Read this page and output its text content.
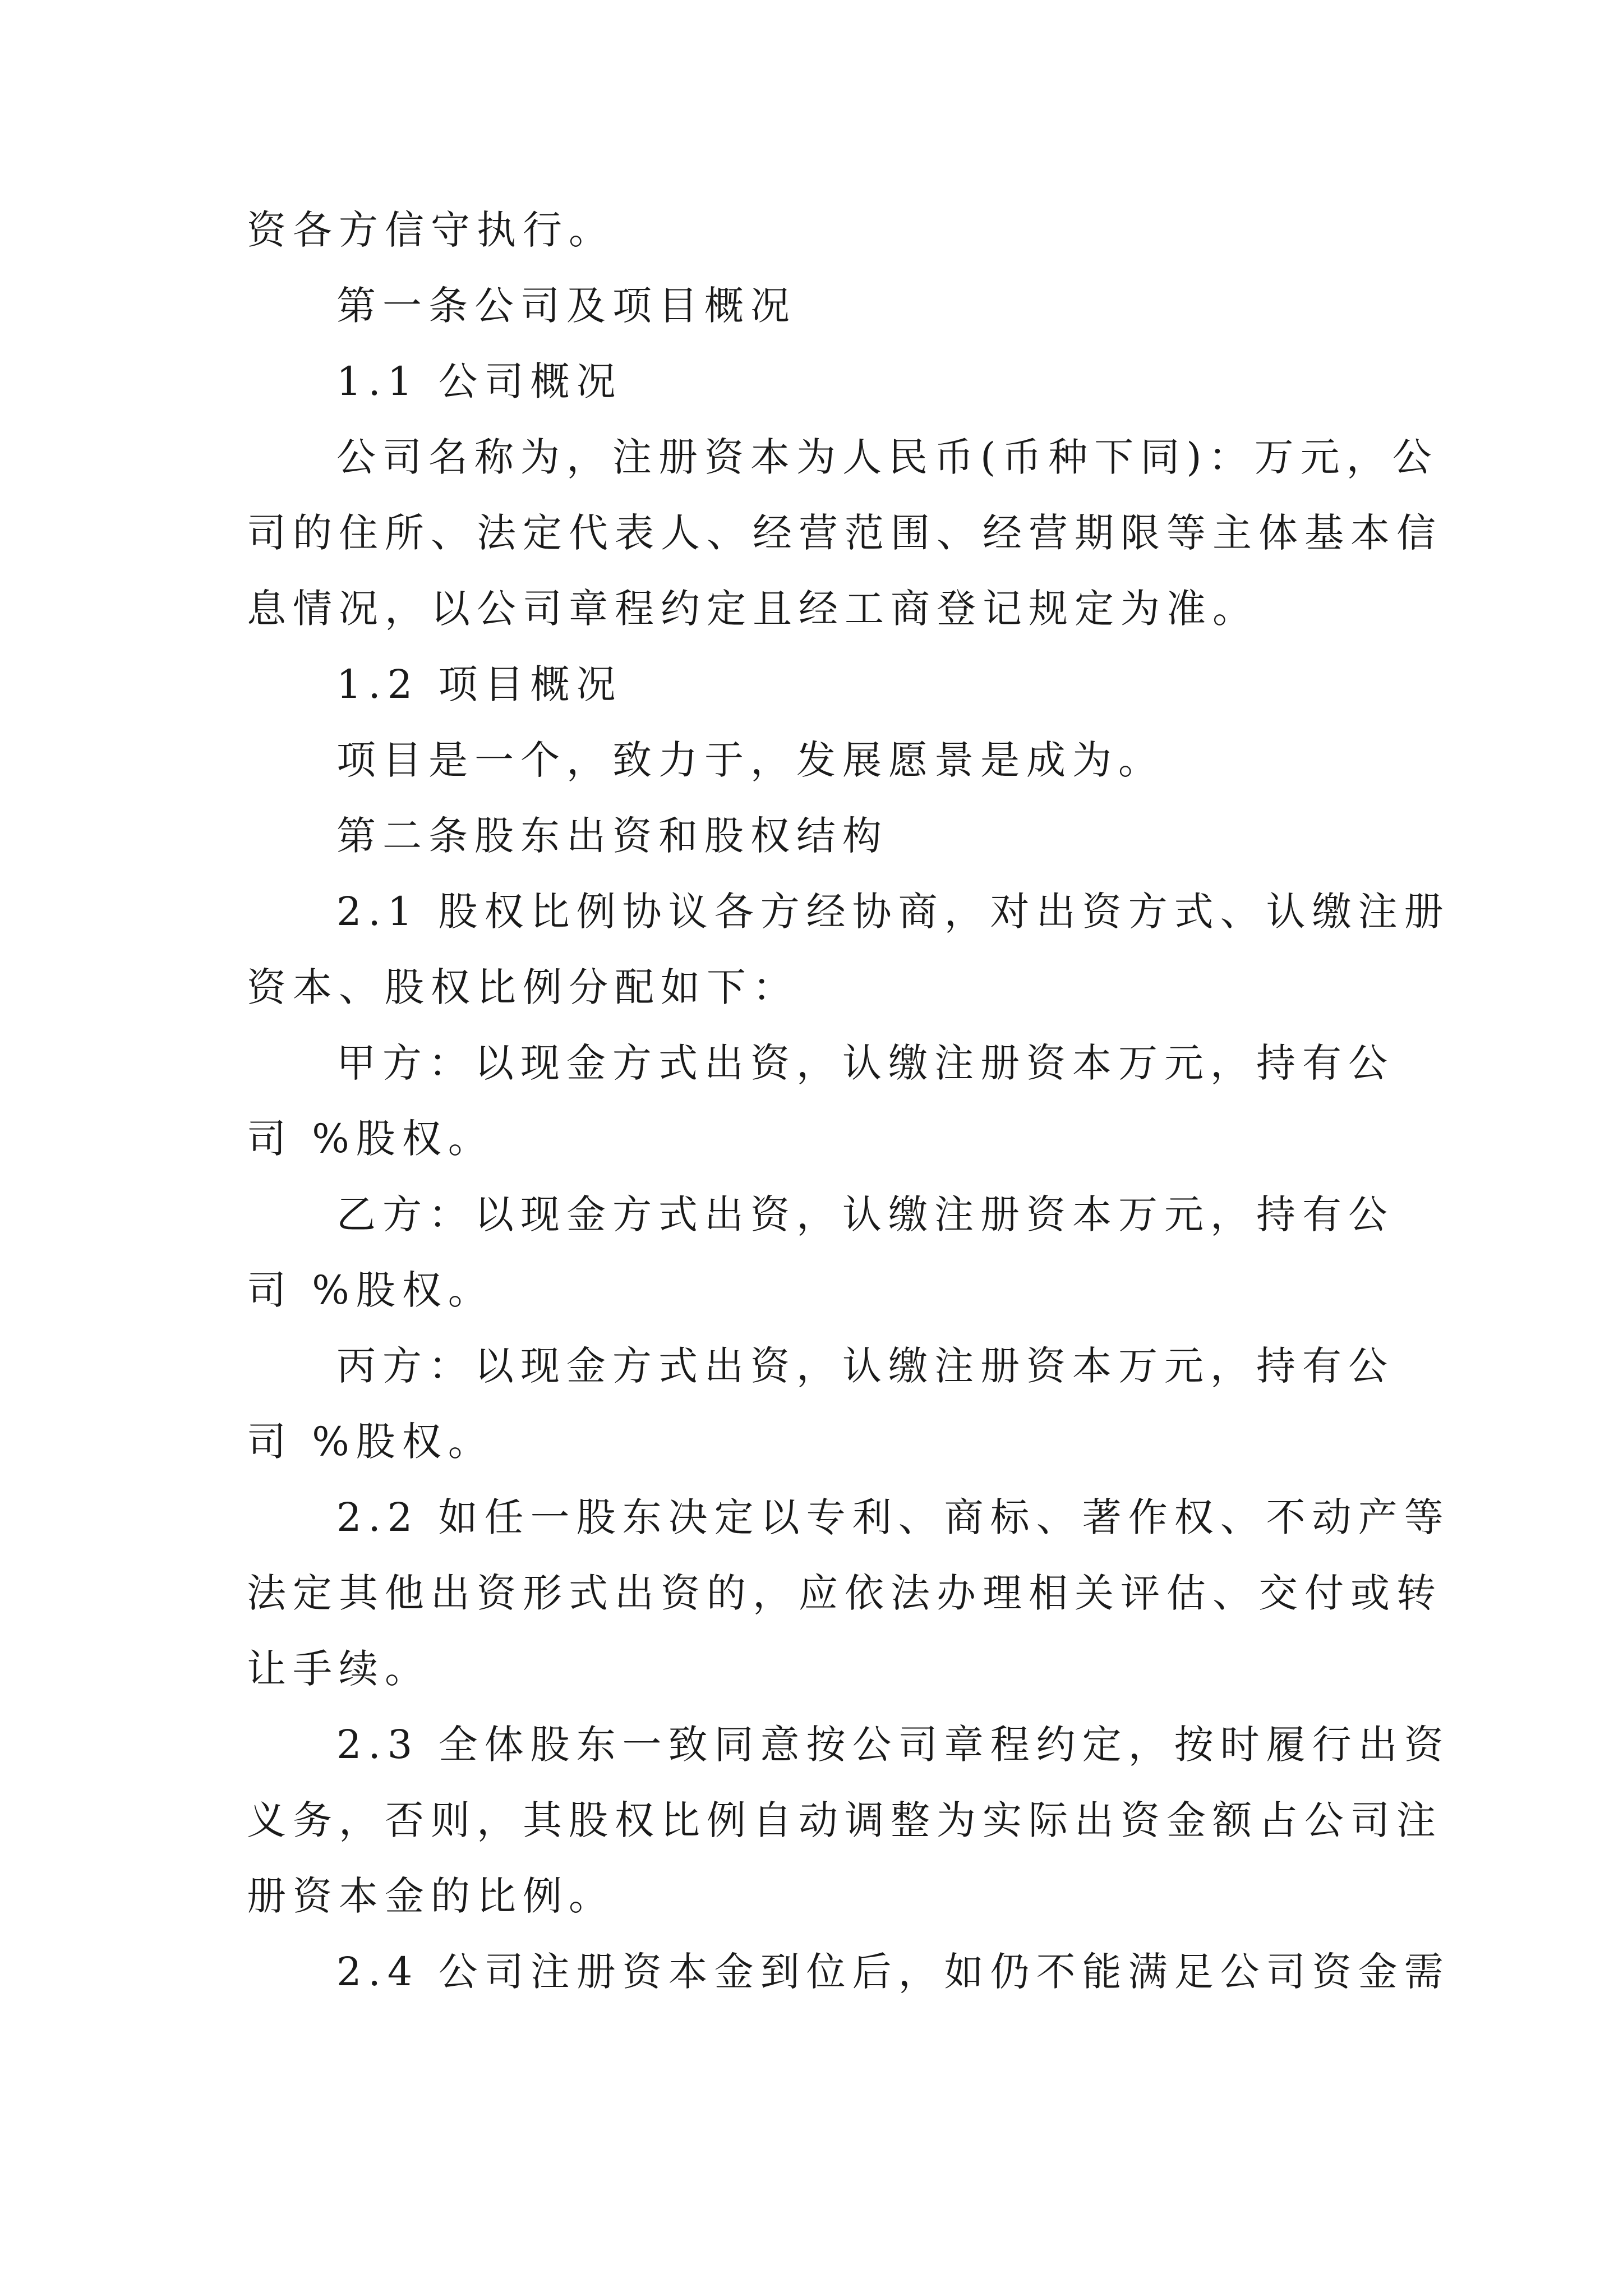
资各方信守执行。
第一条公司及项目概况
1.1 公司概况
公司名称为，注册资本为人民币(币种下同)：万元，公
司的住所、法定代表人、经营范围、经营期限等主体基本信
息情况，以公司章程约定且经工商登记规定为准。
1.2 项目概况
项目是一个，致力于，发展愿景是成为。
第二条股东出资和股权结构
2.1 股权比例协议各方经协商，对出资方式、认缴注册
资本、股权比例分配如下：
甲方：以现金方式出资，认缴注册资本万元，持有公
司 %股权。
乙方：以现金方式出资，认缴注册资本万元，持有公
司 %股权。
丙方：以现金方式出资，认缴注册资本万元，持有公
司 %股权。
2.2 如任一股东决定以专利、商标、著作权、不动产等
法定其他出资形式出资的，应依法办理相关评估、交付或转
让手续。
2.3 全体股东一致同意按公司章程约定，按时履行出资
义务，否则，其股权比例自动调整为实际出资金额占公司注
册资本金的比例。
2.4 公司注册资本金到位后，如仍不能满足公司资金需
